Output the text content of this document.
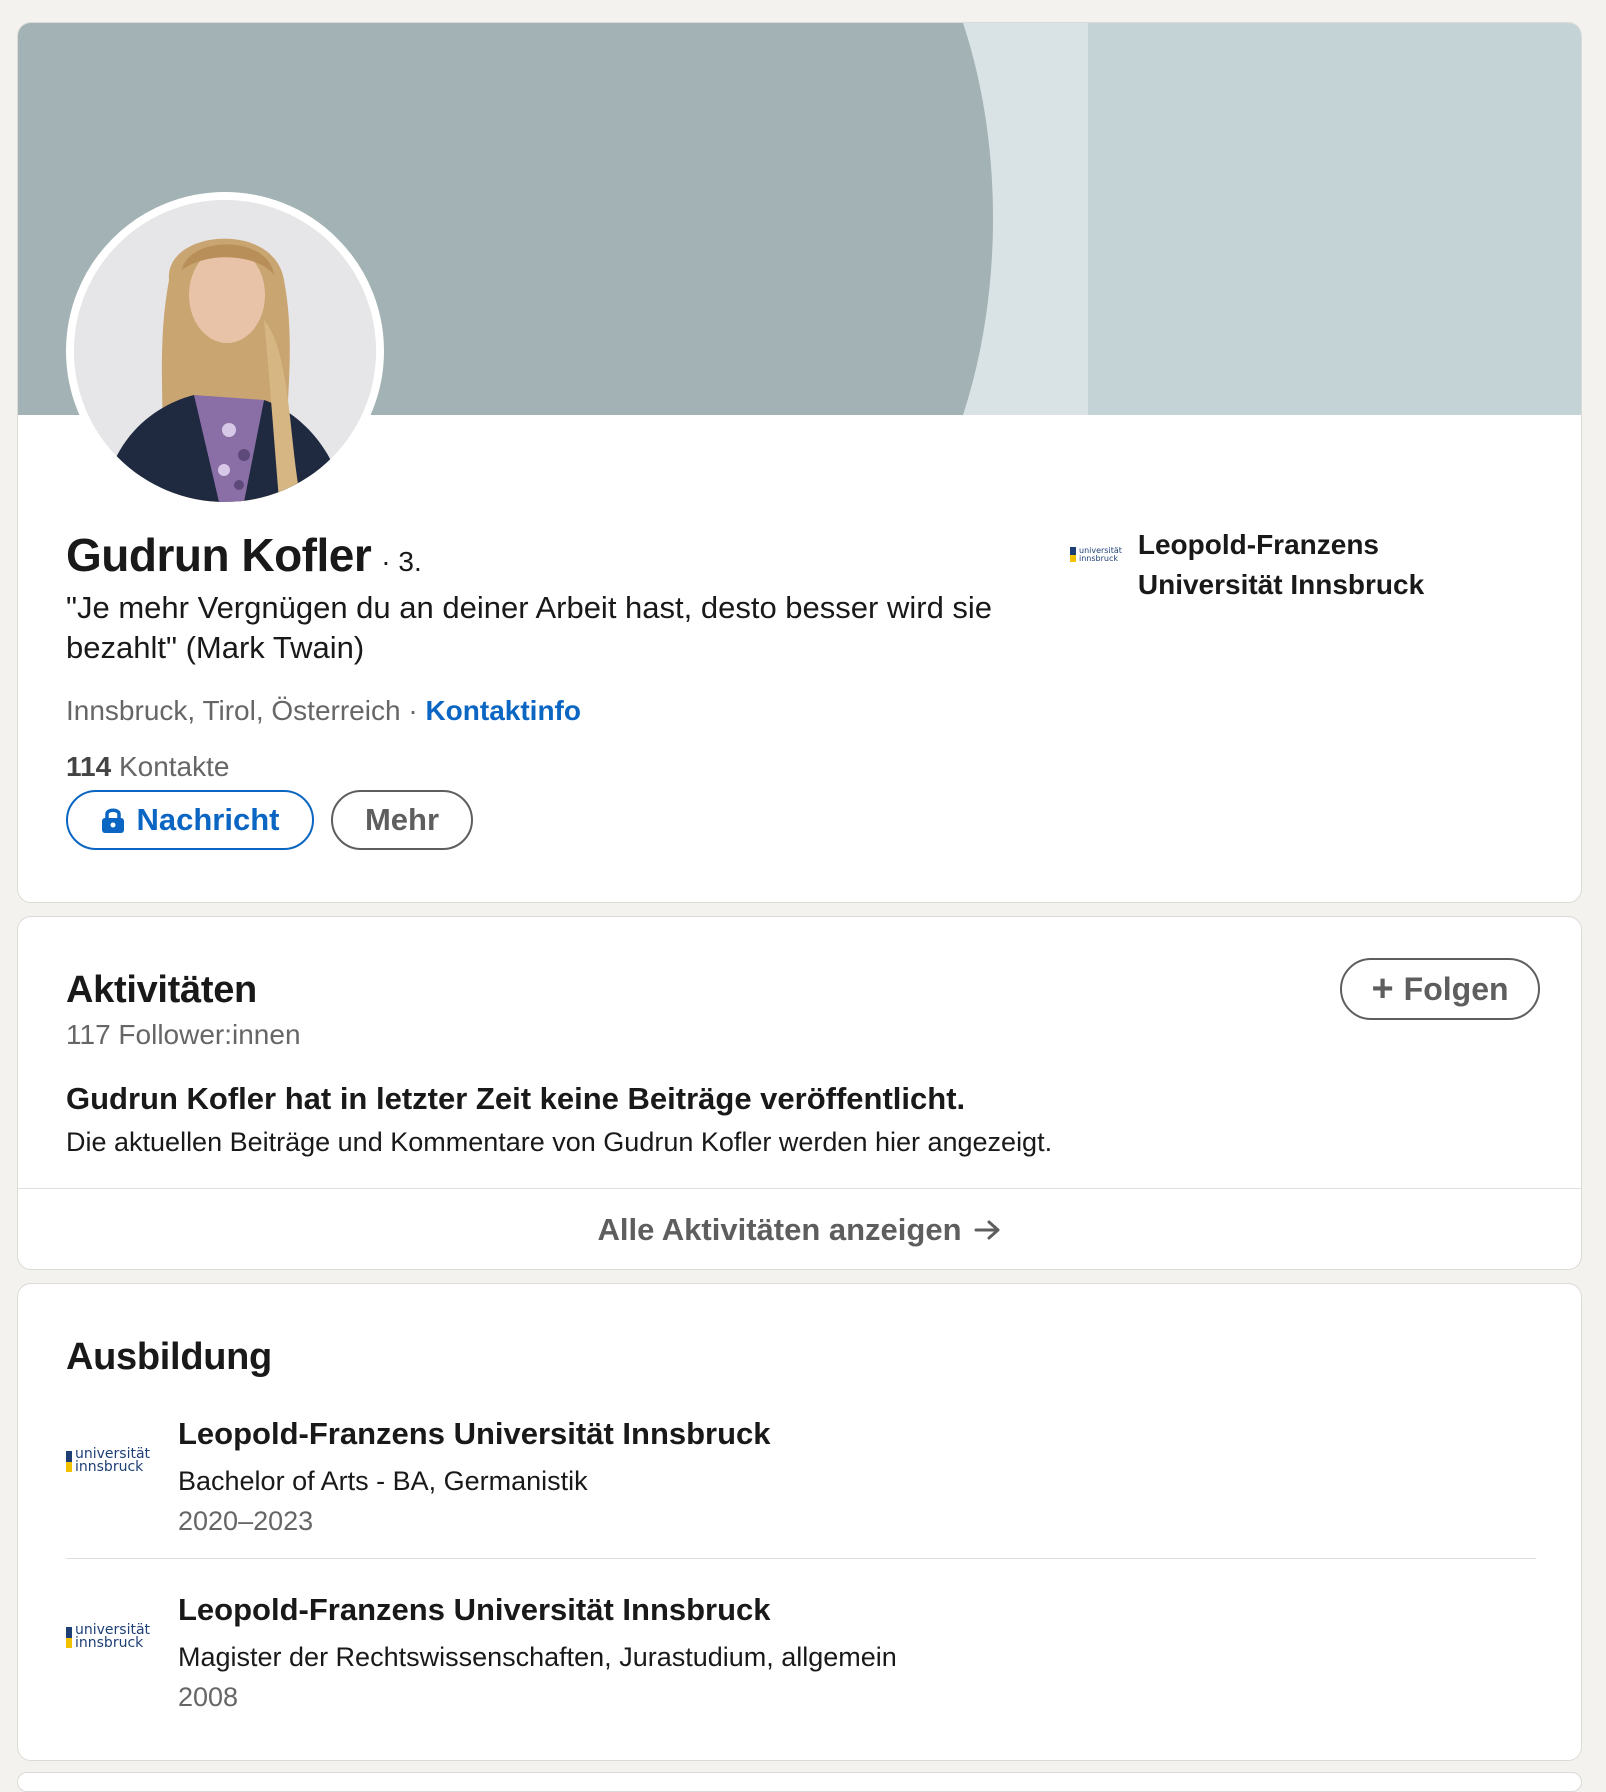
Gudrun Kofler · 3.
"Je mehr Vergnügen du an deiner Arbeit hast, desto besser wird sie bezahlt" (Mark Twain)
Innsbruck, Tirol, Österreich · Kontaktinfo
114 Kontakte
Nachricht	Mehr
universität
innsbruck Leopold-Franzens Universität Innsbruck
Aktivitäten
117 Follower:innen
+ Folgen
Gudrun Kofler hat in letzter Zeit keine Beiträge veröffentlicht.
Die aktuellen Beiträge und Kommentare von Gudrun Kofler werden hier angezeigt.
Alle Aktivitäten anzeigen
Ausbildung
universität
innsbruck
Leopold-Franzens Universität Innsbruck
Bachelor of Arts - BA, Germanistik
2020–2023
universität
innsbruck
Leopold-Franzens Universität Innsbruck
Magister der Rechtswissenschaften, Jurastudium, allgemein
2008
